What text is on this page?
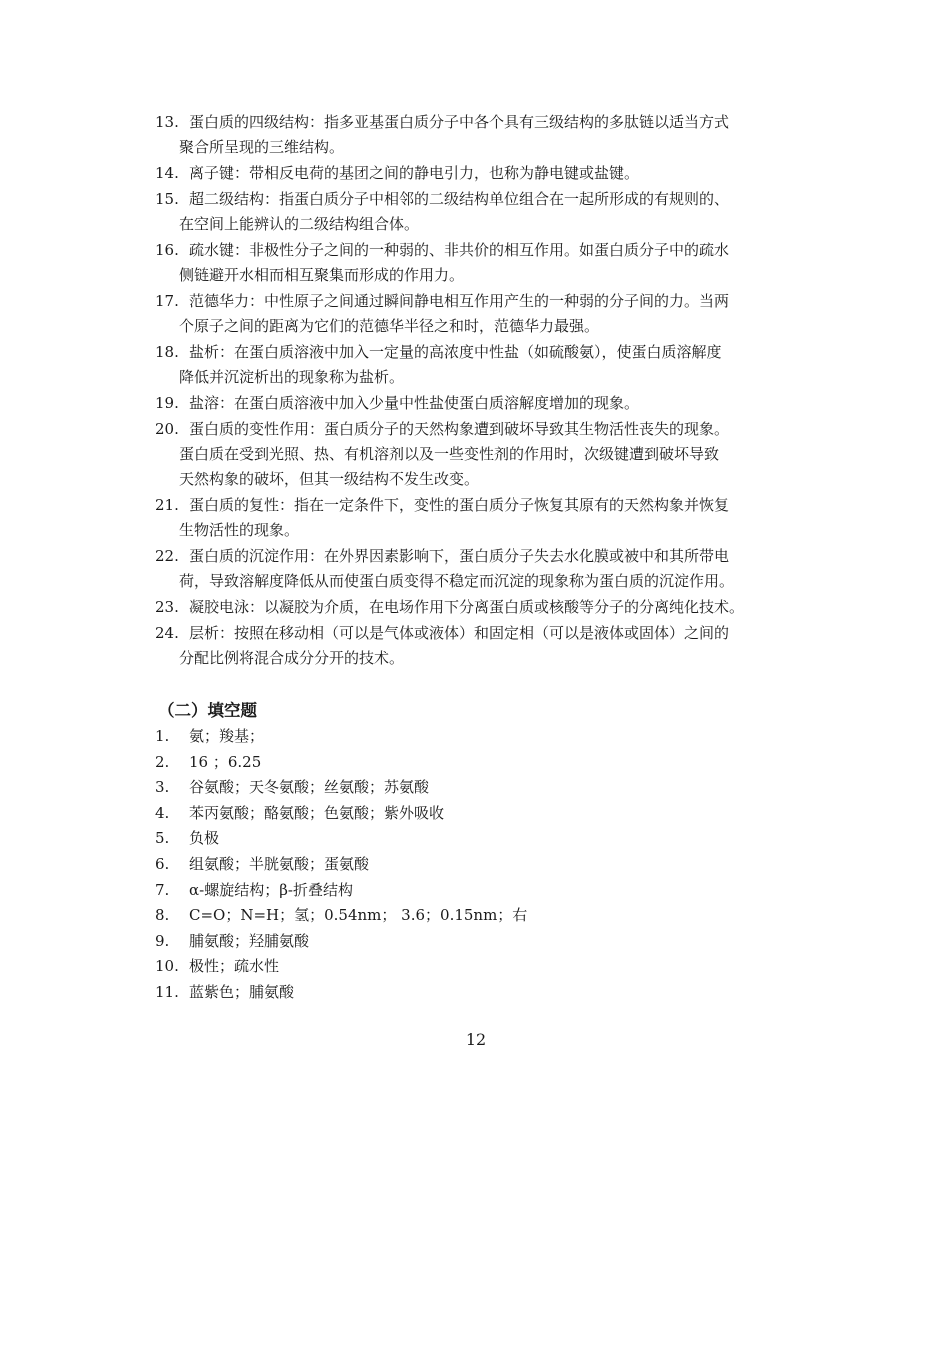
13. 蛋白质的四级结构：指多亚基蛋白质分子中各个具有三级结构的多肽链以适当方式
聚合所呈现的三维结构。
14. 离子键：带相反电荷的基团之间的静电引力，也称为静电键或盐键。
15. 超二级结构：指蛋白质分子中相邻的二级结构单位组合在一起所形成的有规则的、
在空间上能辨认的二级结构组合体。
16. 疏水键：非极性分子之间的一种弱的、非共价的相互作用。如蛋白质分子中的疏水
侧链避开水相而相互聚集而形成的作用力。
17. 范德华力：中性原子之间通过瞬间静电相互作用产生的一种弱的分子间的力。当两
个原子之间的距离为它们的范德华半径之和时，范德华力最强。
18. 盐析：在蛋白质溶液中加入一定量的高浓度中性盐（如硫酸氨），使蛋白质溶解度
降低并沉淀析出的现象称为盐析。
19. 盐溶：在蛋白质溶液中加入少量中性盐使蛋白质溶解度增加的现象。
20. 蛋白质的变性作用：蛋白质分子的天然构象遭到破坏导致其生物活性丧失的现象。
蛋白质在受到光照、热、有机溶剂以及一些变性剂的作用时，次级键遭到破坏导致
天然构象的破坏，但其一级结构不发生改变。
21. 蛋白质的复性：指在一定条件下，变性的蛋白质分子恢复其原有的天然构象并恢复
生物活性的现象。
22. 蛋白质的沉淀作用：在外界因素影响下，蛋白质分子失去水化膜或被中和其所带电
荷，导致溶解度降低从而使蛋白质变得不稳定而沉淀的现象称为蛋白质的沉淀作用。
23. 凝胶电泳：以凝胶为介质，在电场作用下分离蛋白质或核酸等分子的分离纯化技术。
24. 层析：按照在移动相（可以是气体或液体）和固定相（可以是液体或固体）之间的
分配比例将混合成分分开的技术。
（二）填空题
1. 氨；羧基；
2. 16 ；6.25
3. 谷氨酸；天冬氨酸；丝氨酸；苏氨酸
4. 苯丙氨酸；酪氨酸；色氨酸；紫外吸收
5. 负极
6. 组氨酸；半胱氨酸；蛋氨酸
7. α-螺旋结构；β-折叠结构
8. C=O；N=H；氢；0.54nm； 3.6；0.15nm；右
9. 脯氨酸；羟脯氨酸
10. 极性；疏水性
11. 蓝紫色；脯氨酸
12
